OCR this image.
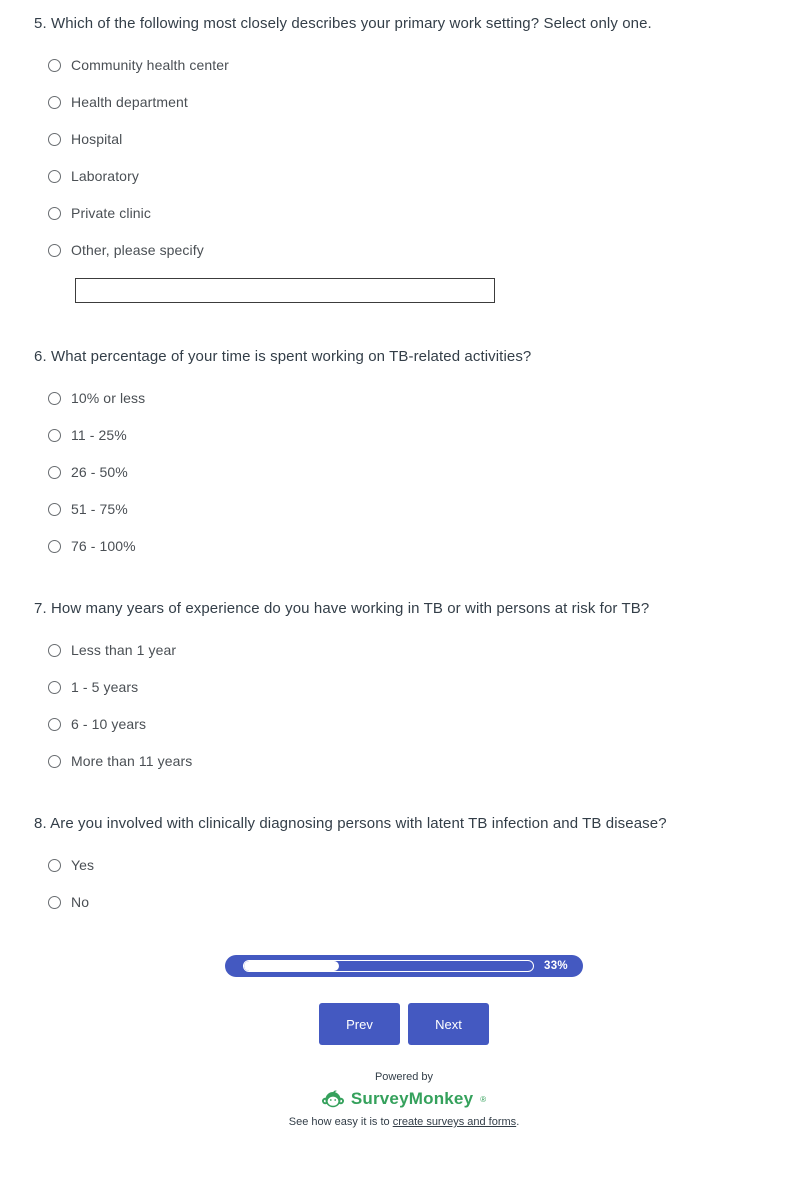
5. Which of the following most closely describes your primary work setting? Select only one.
Community health center
Health department
Hospital
Laboratory
Private clinic
Other, please specify
6. What percentage of your time is spent working on TB-related activities?
10% or less
11 - 25%
26 - 50%
51 - 75%
76 - 100%
7. How many years of experience do you have working in TB or with persons at risk for TB?
Less than 1 year
1 - 5 years
6 - 10 years
More than 11 years
8. Are you involved with clinically diagnosing persons with latent TB infection and TB disease?
Yes
No
33%
Prev	Next
Powered by
SurveyMonkey ®
See how easy it is to create surveys and forms.
